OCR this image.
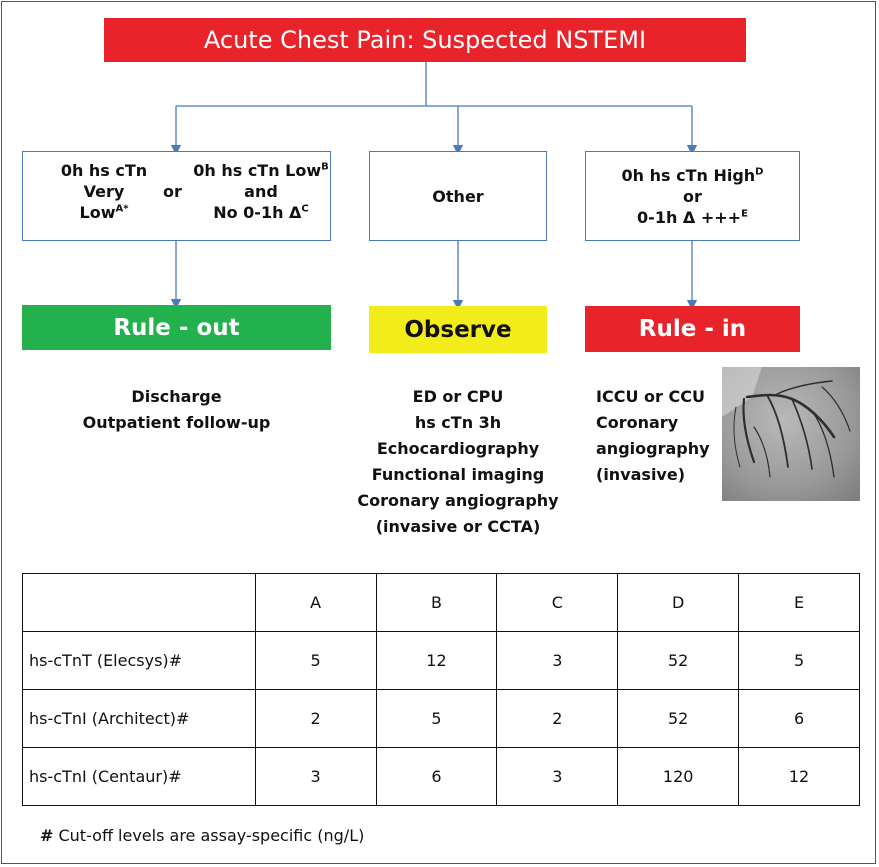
Acute Chest Pain: Suspected NSTEMI
0h hs cTn
Very
Low$^{A*}$
or
0h hs cTn Low$^B$
and
No 0-1h $\Delta^C$
Other
0h hs cTn High$^D$
or
0-1h Δ +++$^E$
Rule - out	Observe	Rule - in
Discharge
Outpatient follow-up
ED or CPU
hs cTn 3h
Echocardiography
Functional imaging
Coronary angiography
(invasive or CCTA)
ICCU or CCU
Coronary
angiography
(invasive)
	A	B	C	D	E
hs-cTnT (Elecsys)#	5	12	3	52	5
hs-cTnI (Architect)#	2	5	2	52	6
hs-cTnI (Centaur)#	3	6	3	120	12
# Cut-off levels are assay-specific (ng/L)
